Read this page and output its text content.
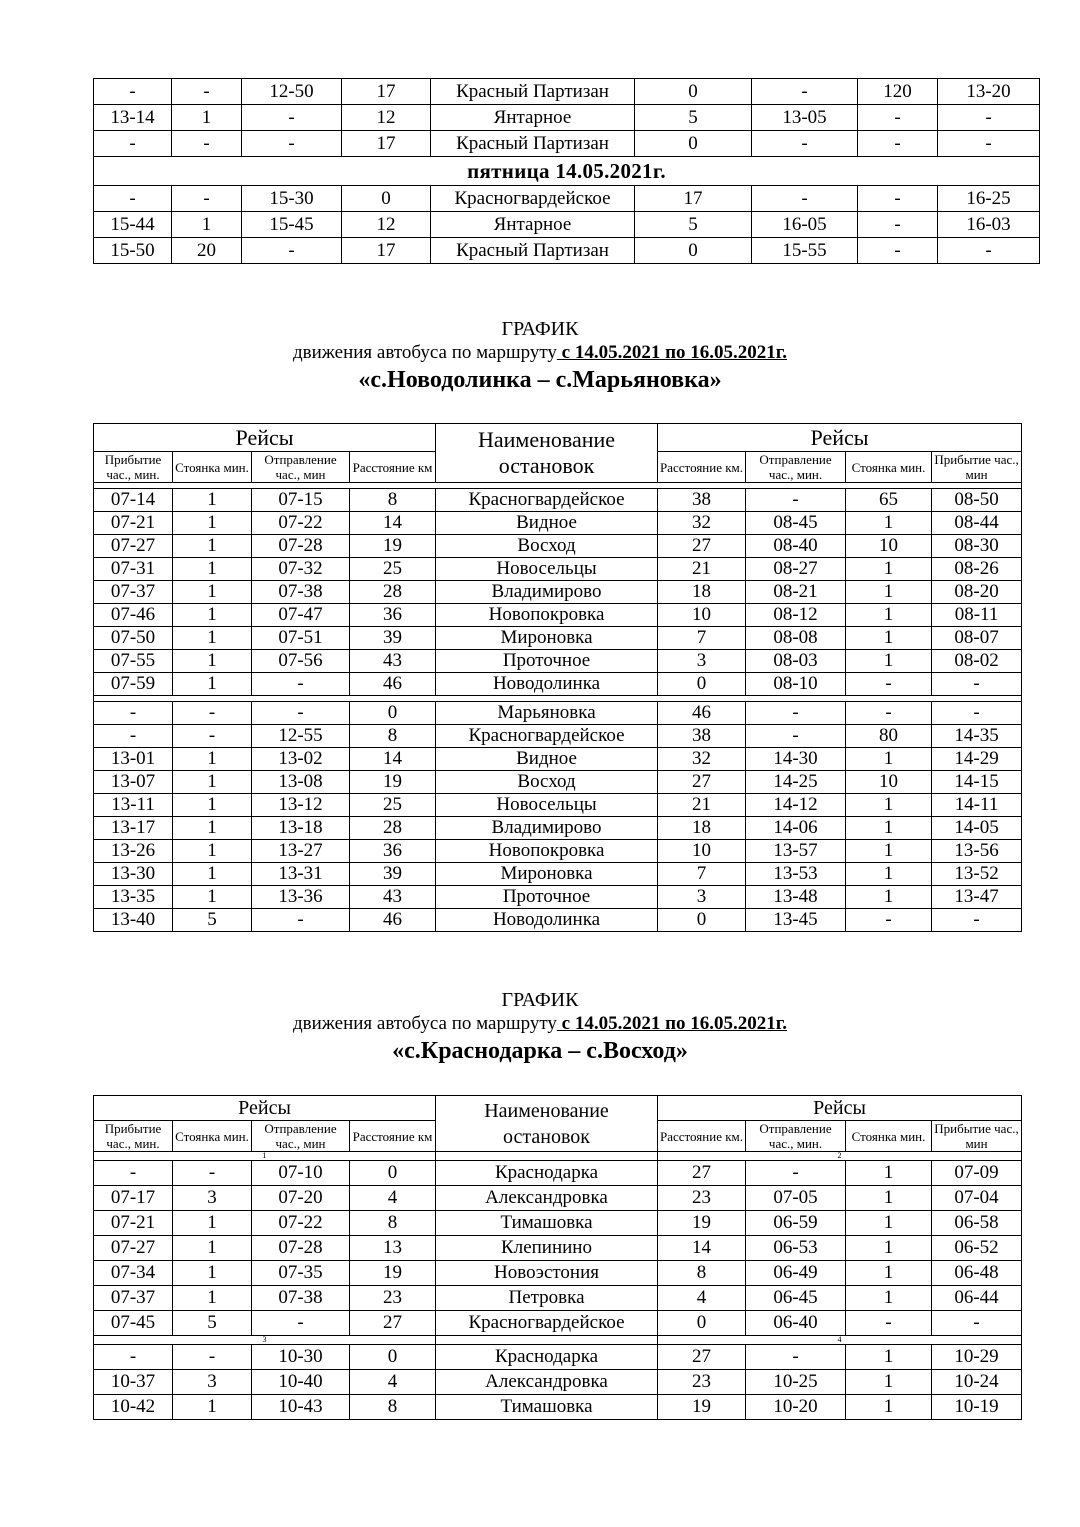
-	-	12-50	17	Красный Партизан	0	-	120	13-20
13-14	1	-	12	Янтарное	5	13-05	-	-
-	-	-	17	Красный Партизан	0	-	-	-
пятница 14.05.2021г.								
-	-	15-30	0	Красногвардейское	17	-	-	16-25
15-44	1	15-45	12	Янтарное	5	16-05	-	16-03
15-50	20	-	17	Красный Партизан	0	15-55	-	-
ГРАФИК
движения автобуса по маршруту с 14.05.2021 по 16.05.2021г.
«с.Новодолинка – с.Марьяновка»
Рейсы				Наименование остановок	Рейсы			
Прибытие час., мин.	Стоянка мин.	Отправление час., мин	Расстояние км		Расстояние км.	Отправление час., мин.	Стоянка мин.	Прибытие час., мин

07-14	1	07-15	8	Красногвардейское	38	-	65	08-50
07-21	1	07-22	14	Видное	32	08-45	1	08-44
07-27	1	07-28	19	Восход	27	08-40	10	08-30
07-31	1	07-32	25	Новосельцы	21	08-27	1	08-26
07-37	1	07-38	28	Владимирово	18	08-21	1	08-20
07-46	1	07-47	36	Новопокровка	10	08-12	1	08-11
07-50	1	07-51	39	Мироновка	7	08-08	1	08-07
07-55	1	07-56	43	Проточное	3	08-03	1	08-02
07-59	1	-	46	Новодолинка	0	08-10	-	-

-	-	-	0	Марьяновка	46	-	-	-
-	-	12-55	8	Красногвардейское	38	-	80	14-35
13-01	1	13-02	14	Видное	32	14-30	1	14-29
13-07	1	13-08	19	Восход	27	14-25	10	14-15
13-11	1	13-12	25	Новосельцы	21	14-12	1	14-11
13-17	1	13-18	28	Владимирово	18	14-06	1	14-05
13-26	1	13-27	36	Новопокровка	10	13-57	1	13-56
13-30	1	13-31	39	Мироновка	7	13-53	1	13-52
13-35	1	13-36	43	Проточное	3	13-48	1	13-47
13-40	5	-	46	Новодолинка	0	13-45	-	-
ГРАФИК
движения автобуса по маршруту с 14.05.2021 по 16.05.2021г.
«с.Краснодарка – с.Восход»
Рейсы				Наименование остановок	Рейсы			
Прибытие час., мин.	Стоянка мин.	Отправление час., мин	Расстояние км		Расстояние км.	Отправление час., мин.	Стоянка мин.	Прибытие час., мин
1					2			
-	-	07-10	0	Краснодарка	27	-	1	07-09
07-17	3	07-20	4	Александровка	23	07-05	1	07-04
07-21	1	07-22	8	Тимашовка	19	06-59	1	06-58
07-27	1	07-28	13	Клепинино	14	06-53	1	06-52
07-34	1	07-35	19	Новоэстония	8	06-49	1	06-48
07-37	1	07-38	23	Петровка	4	06-45	1	06-44
07-45	5	-	27	Красногвардейское	0	06-40	-	-
3					4			
-	-	10-30	0	Краснодарка	27	-	1	10-29
10-37	3	10-40	4	Александровка	23	10-25	1	10-24
10-42	1	10-43	8	Тимашовка	19	10-20	1	10-19
